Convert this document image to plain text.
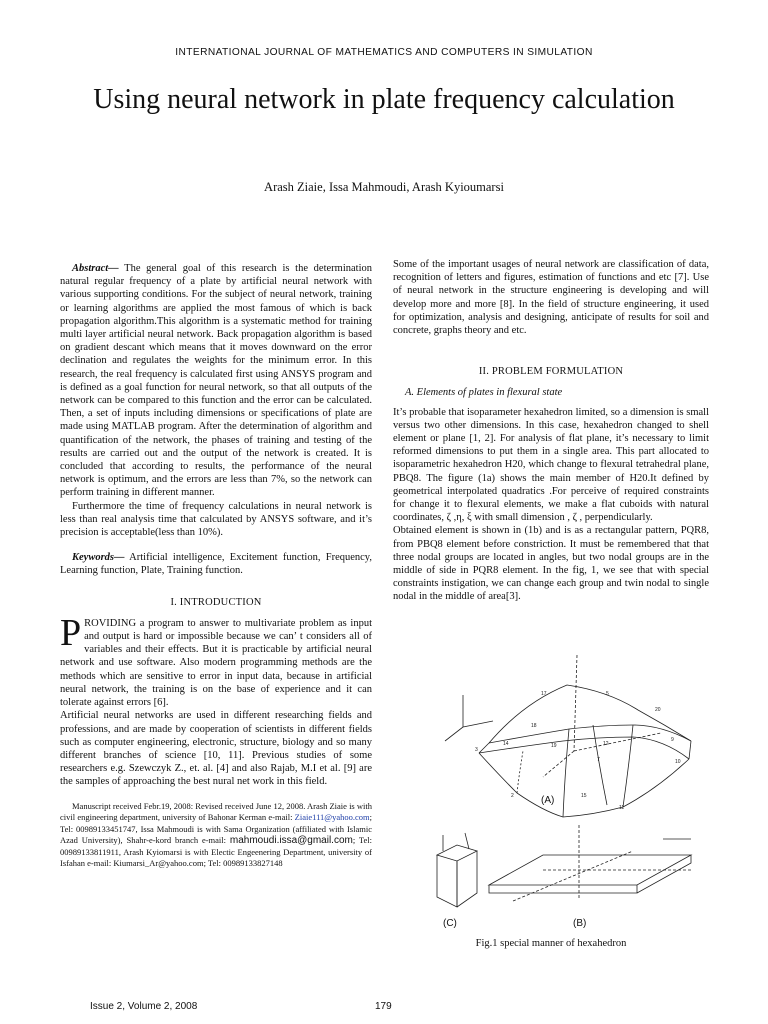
INTERNATIONAL JOURNAL OF MATHEMATICS AND COMPUTERS IN SIMULATION
Using neural network in plate frequency calculation
Arash Ziaie, Issa Mahmoudi, Arash Kyioumarsi

Abstract— The general goal of this research is the determination natural regular frequency of a plate by artificial neural network with various supporting conditions. For the subject of neural network, training or learning algorithms are applied the most famous of which is back propagation algorithm.This algorithm is a systematic method for training multi layer artificial neural network. Back propagation algorithm is based on gradient descant which means that it moves downward on the error declination and regulates the weights for the minimum error. In this research, the real frequency is calculated first using ANSYS program and is defined as a goal function for neural network, so that all outputs of the network can be compared to this function and the error can be calculated. Then, a set of inputs including dimensions or specifications of plate are made using MATLAB program. After the determination of algorithm and quantification of the network, the phases of training and testing of the results are carried out and the output of the network is created. It is concluded that according to results, the performance of the neural network is optimum, and the errors are less than 7%, so the network can perform training in different manner.

Furthermore the time of frequency calculations in neural network is less than real analysis time that calculated by ANSYS software, and it’s precision is acceptable(less than 10%).

Keywords— Artificial intelligence, Excitement function, Frequency, Learning function, Plate, Training function.

I. INTRODUCTION

PROVIDING a program to answer to multivariate problem as input and output is hard or impossible because we can’ t considers all of variables and their effects. But it is practicable by artificial neural network and use software. Also modern programming methods are the methods which are sensitive to error in input data, because in artificial neural network, the training is on the base of experience and it can tolerate against errors [6].

Artificial neural networks are used in different researching fields and professions, and are made by cooperation of scientists in different fields such as computer engineering, electronic, structure, biology and so many different branches of science [10, 11]. Previous studies of some researchers e.g. Szewczyk Z., et. al. [4] and also Rajab, M.I et al. [9] are the samples of approaching the best nural net work in this field.

Manuscript received Febr.19, 2008: Revised received June 12, 2008. Arash Ziaie is with civil engineering department, university of Bahonar Kerman e-mail: Ziaie111@yahoo.com; Tel: 00989133451747, Issa Mahmoudi is with Sama Organization (affiliated with Islamic Azad University), Shahr-e-kord branch e-mail: mahmoudi.issa@gmail.com; Tel: 00989133811911, Arash Kyiomarsi is with Electic Engeenering Department, university of Isfahan e-mail: Kiumarsi_Ar@yahoo.com; Tel: 00989133827148

Some of the important usages of neural network are classification of data, recognition of letters and figures, estimation of functions and etc [7]. Use of neural network in the structure engineering is developing and will develop more and more [8]. In the field of structure engineering, it used for optimization, analysis and designing, anticipate of results for soil and concrete, graphs theory and etc.

II. PROBLEM FORMULATION

A. Elements of plates in flexural state

It’s probable that isoparameter hexahedron limited, so a dimension is small versus two other dimensions. In this case, hexahedron changed to shell element or plane [1, 2]. For analysis of flat plane, it’s necessary to limit reformed dimensions to put them in a single area. This part allocated to isoparametric hexahedron H20, which change to flexural tetrahedral plane, PBQ8. The figure (1a) shows the main member of H20.It defined by geometrical interpolated quadratics .For perceive of required constraints for change it to flexural elements, we make a flat cuboids with natural coordinates, ζ ,η, ξ with small dimension , ζ , perpendicularly.

Obtained element is shown in (1b) and is as a rectangular pattern, PQR8, from PBQ8 element before constriction. It must be remembered that that three nodal groups are located in angles, but two nodal groups are in the middle of side in PQR8 element. In the fig, 1, we see that with special constraints instigation, we can change each group and twin nodal to single nodal in the middle of area[3].

17	5
20
9
10
7
3
14
18
15
2
11
12
19
(A)
(C)	(B)
Fig.1 special manner of hexahedron
Issue 2, Volume 2, 2008	179
